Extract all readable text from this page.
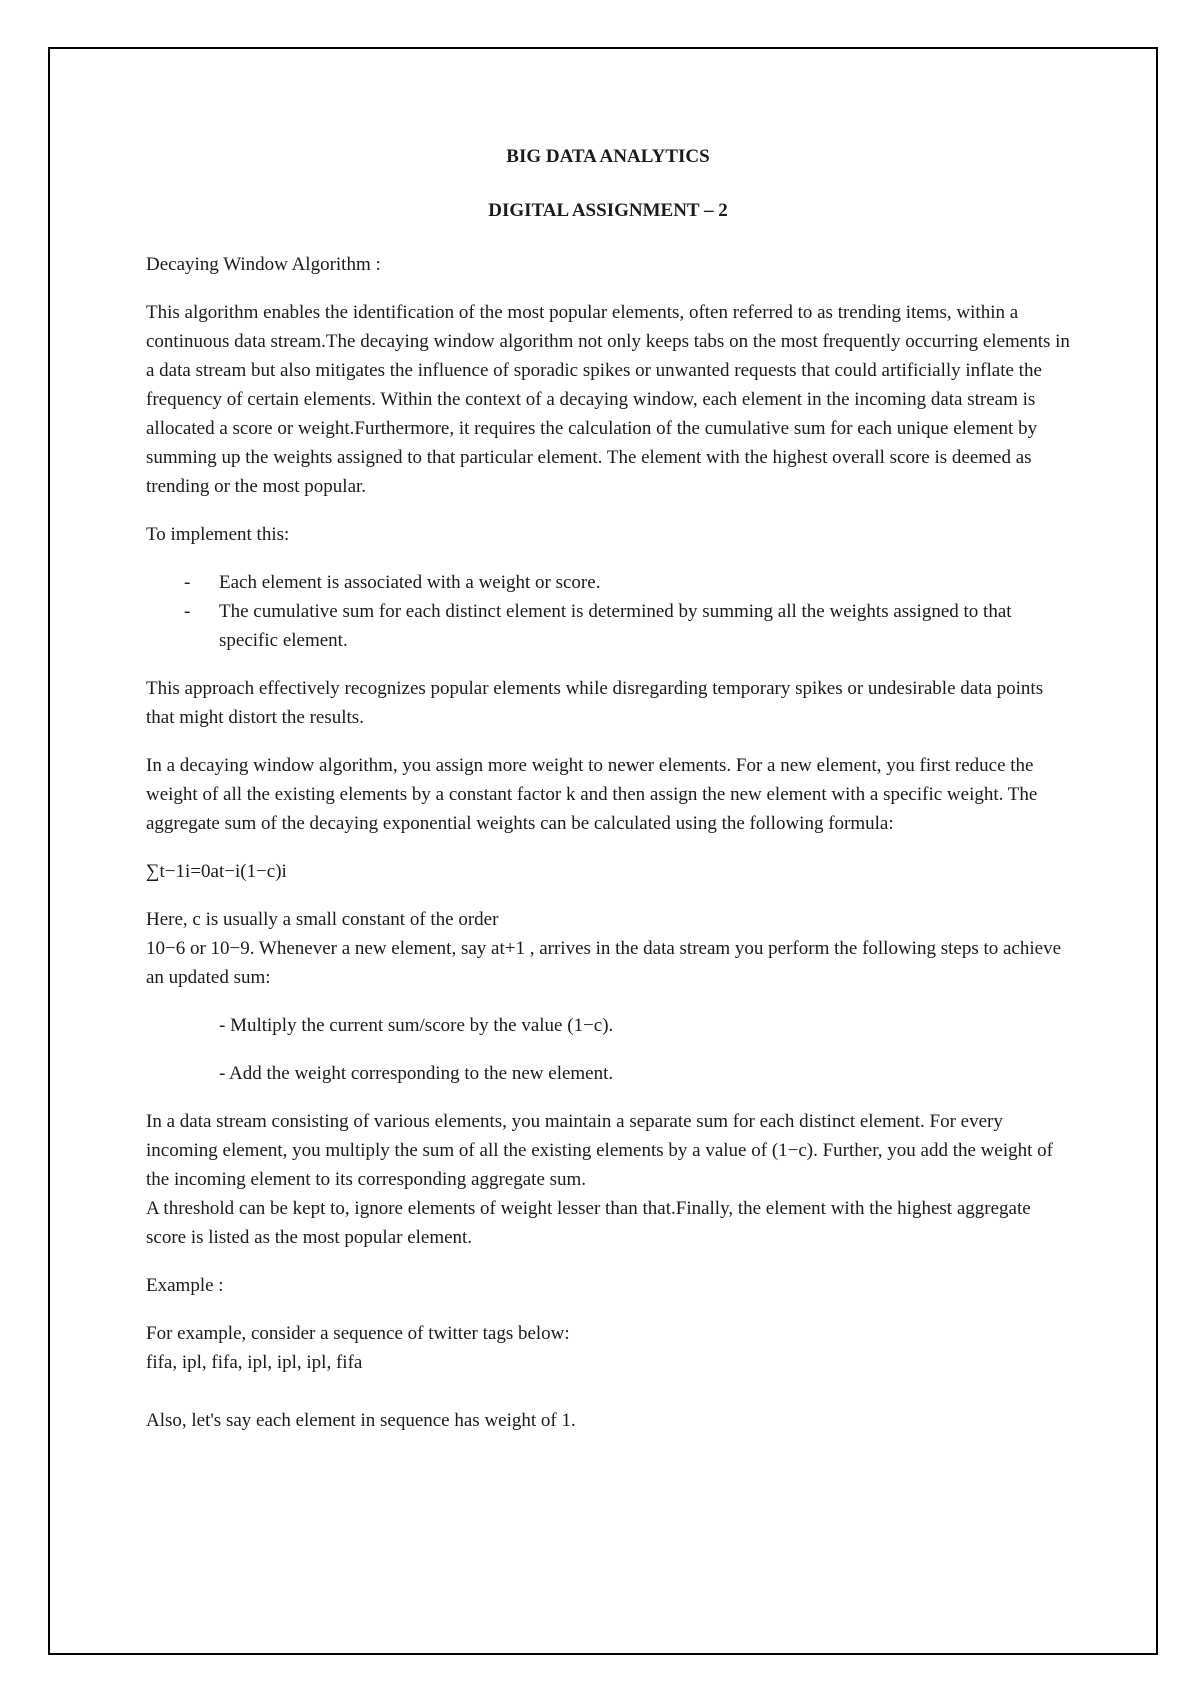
BIG DATA ANALYTICS

DIGITAL ASSIGNMENT – 2

Decaying Window Algorithm :

This algorithm enables the identification of the most popular elements, often referred to as trending items, within a continuous data stream.The decaying window algorithm not only keeps tabs on the most frequently occurring elements in a data stream but also mitigates the influence of sporadic spikes or unwanted requests that could artificially inflate the frequency of certain elements. Within the context of a decaying window, each element in the incoming data stream is allocated a score or weight.Furthermore, it requires the calculation of the cumulative sum for each unique element by summing up the weights assigned to that particular element. The element with the highest overall score is deemed as trending or the most popular.

To implement this:

- Each element is associated with a weight or score.
- The cumulative sum for each distinct element is determined by summing all the weights assigned to that specific element.

This approach effectively recognizes popular elements while disregarding temporary spikes or undesirable data points that might distort the results.

In a decaying window algorithm, you assign more weight to newer elements. For a new element, you first reduce the weight of all the existing elements by a constant factor k and then assign the new element with a specific weight. The aggregate sum of the decaying exponential weights can be calculated using the following formula:

∑t−1i=0at−i(1−c)i

Here, c is usually a small constant of the order

10−6 or 10−9. Whenever a new element, say at+1 , arrives in the data stream you perform the following steps to achieve an updated sum:

- Multiply the current sum/score by the value (1−c).

- Add the weight corresponding to the new element.

In a data stream consisting of various elements, you maintain a separate sum for each distinct element. For every incoming element, you multiply the sum of all the existing elements by a value of (1−c). Further, you add the weight of the incoming element to its corresponding aggregate sum.

A threshold can be kept to, ignore elements of weight lesser than that.Finally, the element with the highest aggregate score is listed as the most popular element.

Example :

For example, consider a sequence of twitter tags below:

fifa, ipl, fifa, ipl, ipl, ipl, fifa

Also, let's say each element in sequence has weight of 1.
